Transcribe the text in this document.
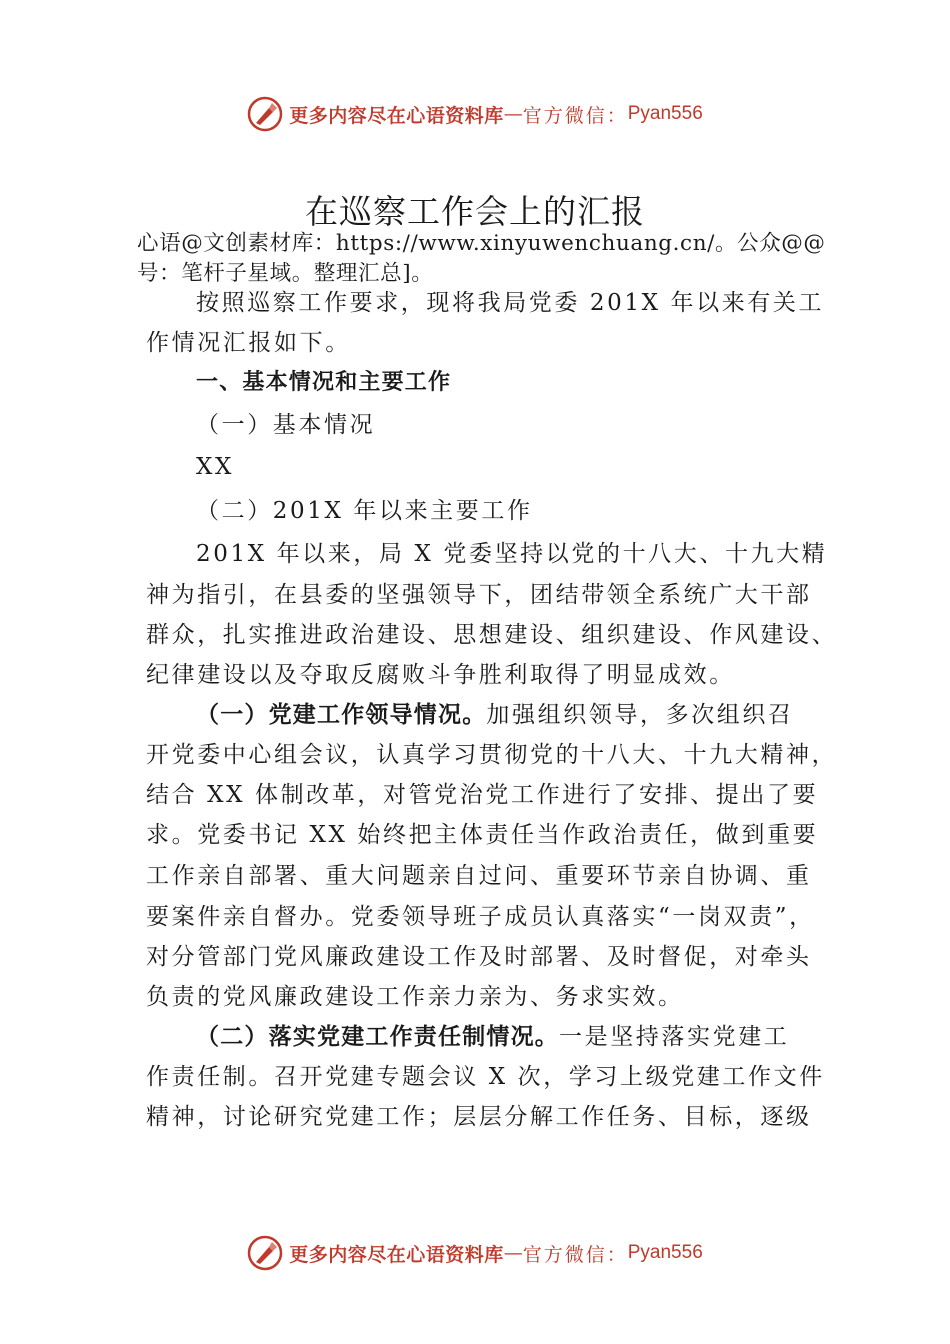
更多内容尽在心语资料库 — 官方微信： Pyan556
在巡察工作会上的汇报
心语@文创素材库：https://www.xinyuwenchuang.cn/。公众@@
号：笔杆子星域。整理汇总]。
按照巡察工作要求，现将我局党委 201X 年以来有关工
作情况汇报如下。
一、基本情况和主要工作
（一）基本情况
XX
（二）201X 年以来主要工作
201X 年以来，局 X 党委坚持以党的十八大、十九大精
神为指引，在县委的坚强领导下，团结带领全系统广大干部
群众，扎实推进政治建设、思想建设、组织建设、作风建设、
纪律建设以及夺取反腐败斗争胜利取得了明显成效。
（一）党建工作领导情况。加强组织领导，多次组织召
开党委中心组会议，认真学习贯彻党的十八大、十九大精神，
结合 XX 体制改革，对管党治党工作进行了安排、提出了要
求。党委书记 XX 始终把主体责任当作政治责任，做到重要
工作亲自部署、重大问题亲自过问、重要环节亲自协调、重
要案件亲自督办。党委领导班子成员认真落实“一岗双责”，
对分管部门党风廉政建设工作及时部署、及时督促，对牵头
负责的党风廉政建设工作亲力亲为、务求实效。
（二）落实党建工作责任制情况。一是坚持落实党建工
作责任制。召开党建专题会议 X 次，学习上级党建工作文件
精神，讨论研究党建工作；层层分解工作任务、目标，逐级
更多内容尽在心语资料库 — 官方微信： Pyan556
